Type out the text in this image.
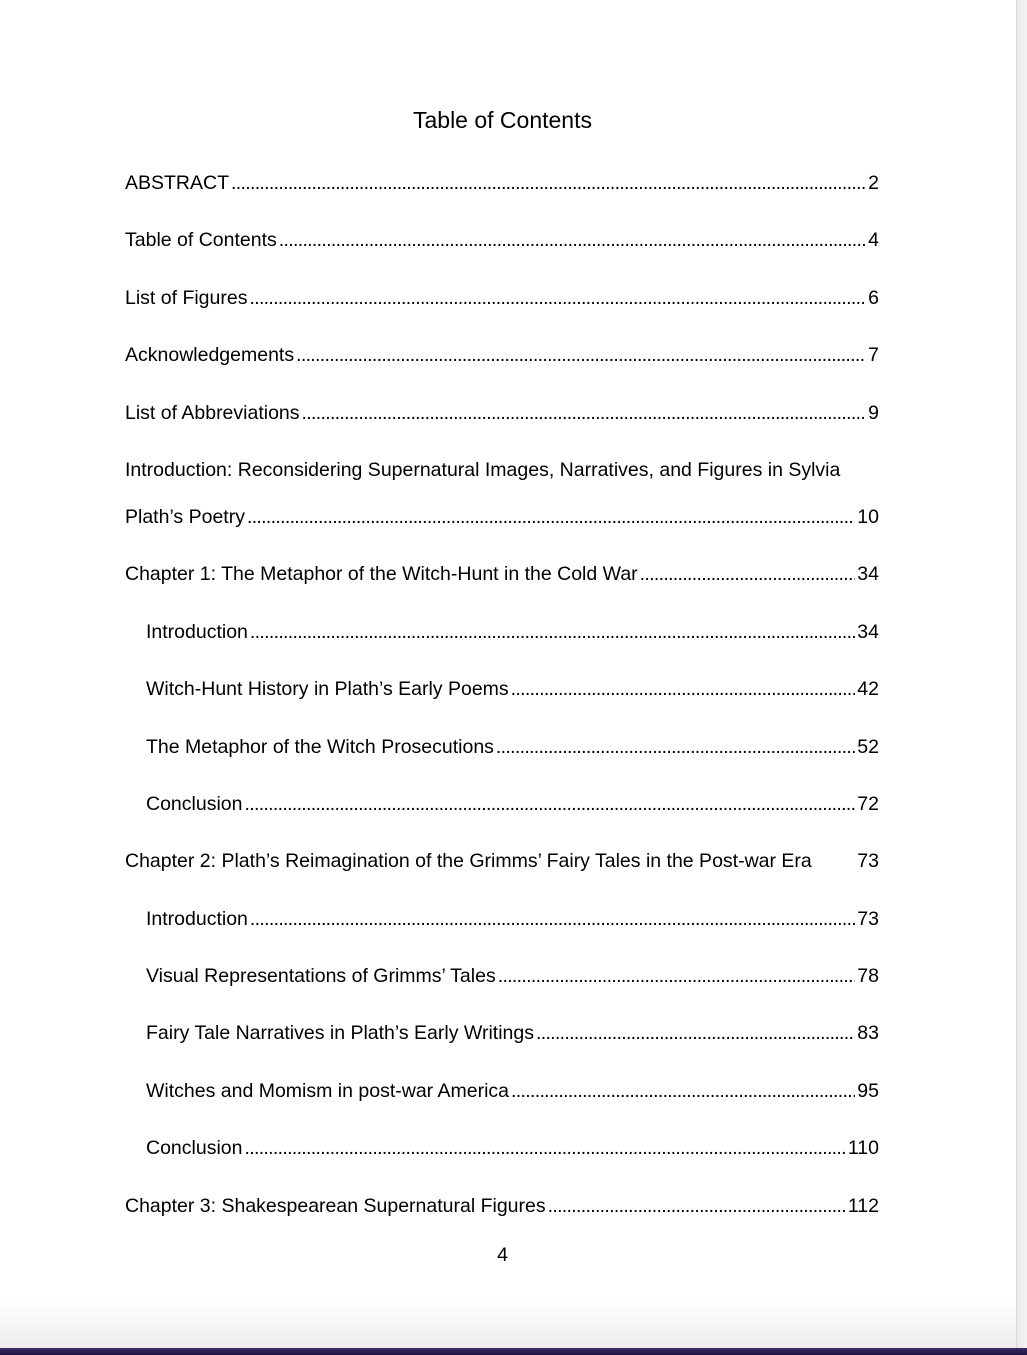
Table of Contents
ABSTRACT . . .	2
Table of Contents . . .	4
List of Figures . . .	6
Acknowledgements . . .	7
List of Abbreviations . . .	9
Introduction: Reconsidering Supernatural Images, Narratives, and Figures in Sylvia
Plath’s Poetry . . .	10
Chapter 1: The Metaphor of the Witch-Hunt in the Cold War . . .	34
Introduction . . .	34
Witch-Hunt History in Plath’s Early Poems . . .	42
The Metaphor of the Witch Prosecutions . . .	52
Conclusion . . .	72
Chapter 2: Plath’s Reimagination of the Grimms’ Fairy Tales in the Post-war Era 73
Introduction . . .	73
Visual Representations of Grimms’ Tales . . .	78
Fairy Tale Narratives in Plath’s Early Writings . . .	83
Witches and Momism in post-war America . . .	95
Conclusion . . .	110
Chapter 3: Shakespearean Supernatural Figures . . .	112
4
